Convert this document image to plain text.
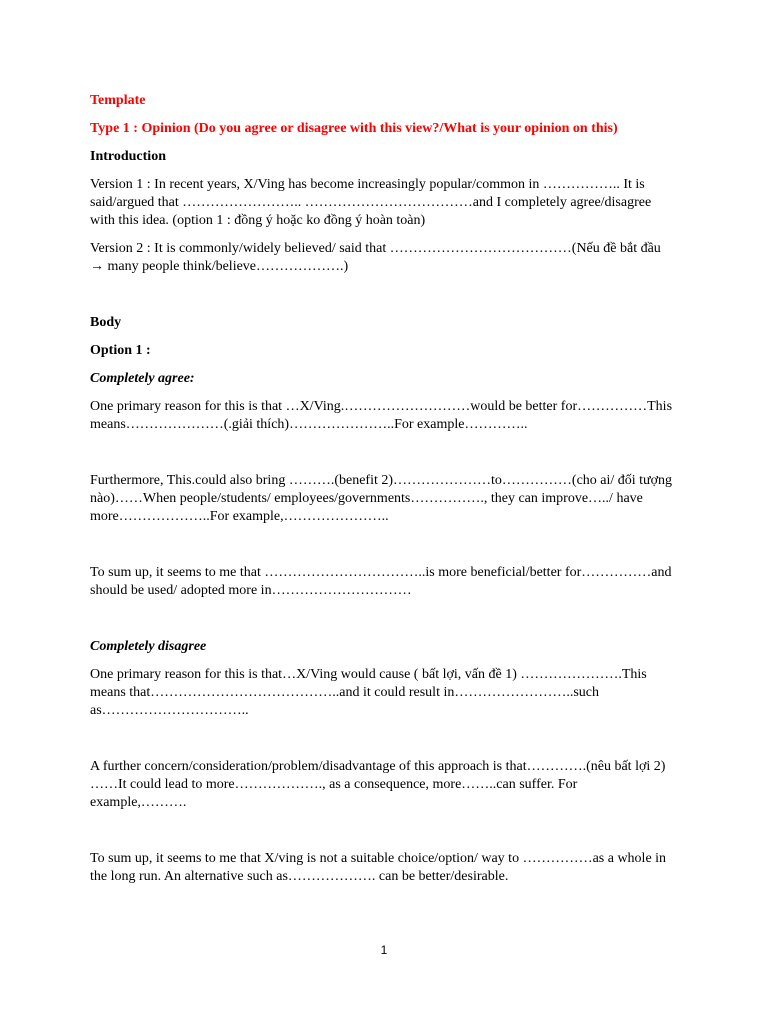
Template

Type 1 : Opinion (Do you agree or disagree with this view?/What is your opinion on this)

Introduction

Version 1 : In recent years, X/Ving has become increasingly popular/common in …………….. It is said/argued that …………………….. ………………………………and I completely agree/disagree with this idea. (option 1 : đồng ý hoặc ko đồng ý hoàn toàn)

Version 2 : It is commonly/widely believed/ said that …………………………………(Nếu đề bắt đầu → many people think/believe……………….)

Body

Option 1 :

Completely agree:

One primary reason for this is that …X/Ving.………………………would be better for……………This means…………………(.giải thích)…………………..For example…………..

Furthermore, This.could also bring ……….(benefit 2)…………………to……………(cho ai/ đối tượng nào)……When people/students/ employees/governments……………., they can improve…../ have more………………..For example,…………………..

To sum up, it seems to me that ……………………………..is more beneficial/better for……………and should be used/ adopted more in…………………………

Completely disagree

One primary reason for this is that…X/Ving would cause ( bất lợi, vấn đề 1) ………………….This means that…………………………………..and it could result in……………………..such as…………………………..

A further concern/consideration/problem/disadvantage of this approach is that………….(nêu bất lợi 2) ……It could lead to more………………., as a consequence, more……..can suffer. For example,……….

To sum up, it seems to me that X/ving is not a suitable choice/option/ way to ……………as a whole in the long run. An alternative such as………………. can be better/desirable.

1
